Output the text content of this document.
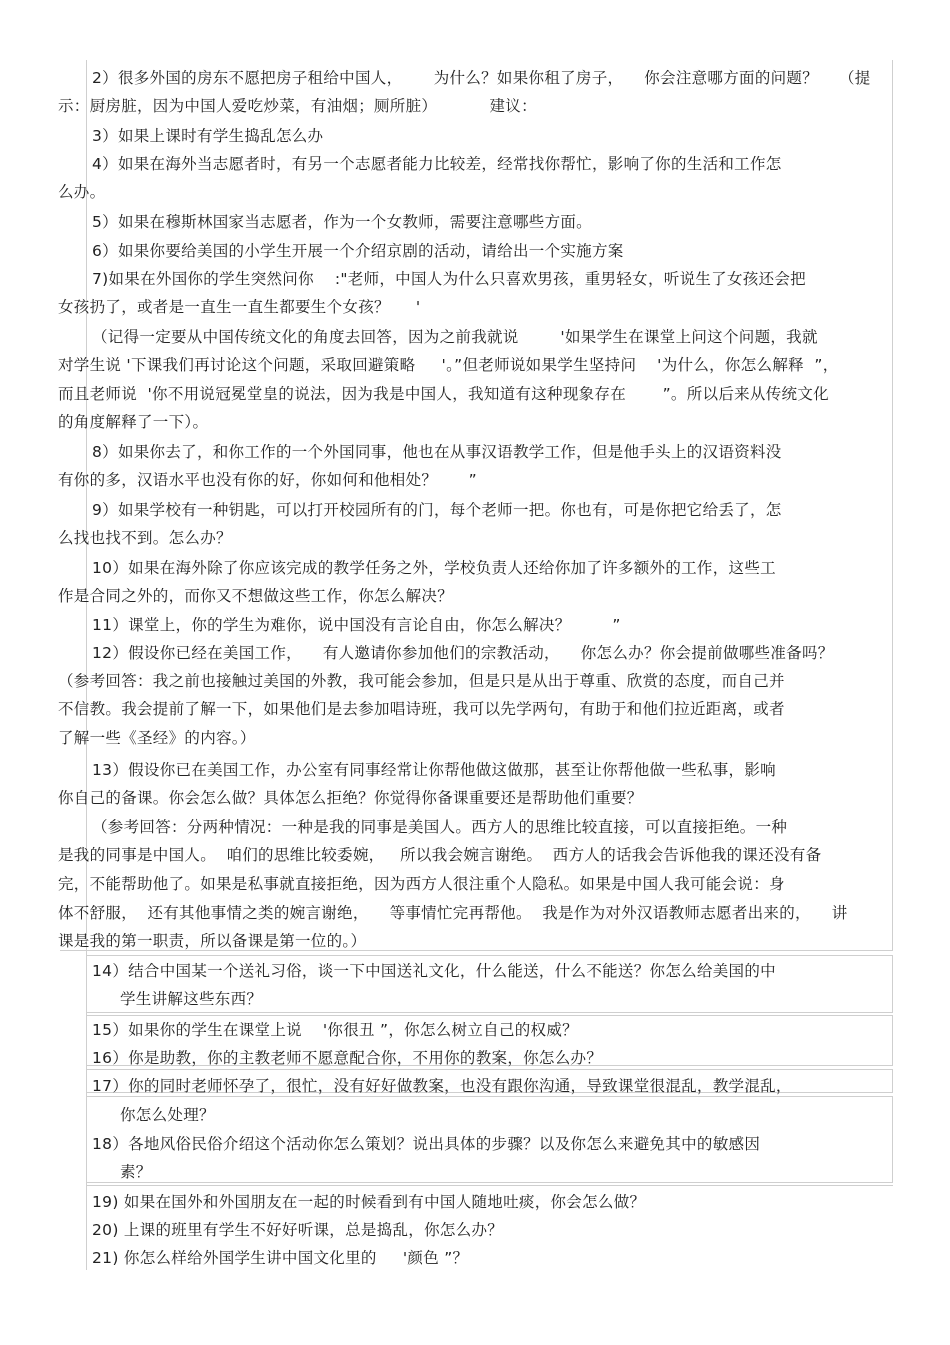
2）很多外国的房东不愿把房子租给中国人，      为什么？如果你租了房子，    你会注意哪方面的问题？    （提
示：厨房脏，因为中国人爱吃炒菜，有油烟；厕所脏）          建议：
3）如果上课时有学生捣乱怎么办
4）如果在海外当志愿者时，有另一个志愿者能力比较差，经常找你帮忙，影响了你的生活和工作怎
么办。
5）如果在穆斯林国家当志愿者，作为一个女教师，需要注意哪些方面。
6）如果你要给美国的小学生开展一个介绍京剧的活动，请给出一个实施方案
7)如果在外国你的学生突然问你    :"老师，中国人为什么只喜欢男孩，重男轻女，听说生了女孩还会把
女孩扔了，或者是一直生一直生都要生个女孩？     '
（记得一定要从中国传统文化的角度去回答，因为之前我就说        '如果学生在课堂上问这个问题，我就
对学生说 '下课我们再讨论这个问题，采取回避策略     '。”但老师说如果学生坚持问    '为什么，你怎么解释  ”，
而且老师说  '你不用说冠冕堂皇的说法，因为我是中国人，我知道有这种现象存在       ”。所以后来从传统文化
的角度解释了一下）。
8）如果你去了，和你工作的一个外国同事，他也在从事汉语教学工作，但是他手头上的汉语资料没
有你的多，汉语水平也没有你的好，你如何和他相处？      ”
9）如果学校有一种钥匙，可以打开校园所有的门，每个老师一把。你也有，可是你把它给丢了，怎
么找也找不到。怎么办？
10）如果在海外除了你应该完成的教学任务之外，学校负责人还给你加了许多额外的工作，这些工
作是合同之外的，而你又不想做这些工作，你怎么解决？
11）课堂上，你的学生为难你，说中国没有言论自由，你怎么解决？        ”
12）假设你已经在美国工作，    有人邀请你参加他们的宗教活动，    你怎么办？你会提前做哪些准备吗？
（参考回答：我之前也接触过美国的外教，我可能会参加，但是只是从出于尊重、欣赏的态度，而自己并
不信教。我会提前了解一下，如果他们是去参加唱诗班，我可以先学两句，有助于和他们拉近距离，或者
了解一些《圣经》的内容。）
13）假设你已在美国工作，办公室有同事经常让你帮他做这做那，甚至让你帮他做一些私事，影响
你自己的备课。你会怎么做？具体怎么拒绝？你觉得你备课重要还是帮助他们重要？
（参考回答：分两种情况：一种是我的同事是美国人。西方人的思维比较直接，可以直接拒绝。一种
是我的同事是中国人。  咱们的思维比较委婉，   所以我会婉言谢绝。  西方人的话我会告诉他我的课还没有备
完，不能帮助他了。如果是私事就直接拒绝，因为西方人很注重个人隐私。如果是中国人我可能会说：身
体不舒服，  还有其他事情之类的婉言谢绝，    等事情忙完再帮他。  我是作为对外汉语教师志愿者出来的，    讲
课是我的第一职责，所以备课是第一位的。）
14）结合中国某一个送礼习俗，谈一下中国送礼文化，什么能送，什么不能送？你怎么给美国的中
学生讲解这些东西？
15）如果你的学生在课堂上说    '你很丑 ”，你怎么树立自己的权威？
16）你是助教，你的主教老师不愿意配合你，不用你的教案，你怎么办？
17）你的同时老师怀孕了，很忙，没有好好做教案，也没有跟你沟通，导致课堂很混乱，教学混乱，
你怎么处理？
18）各地风俗民俗介绍这个活动你怎么策划？说出具体的步骤？以及你怎么来避免其中的敏感因
素？
19) 如果在国外和外国朋友在一起的时候看到有中国人随地吐痰，你会怎么做？
20) 上课的班里有学生不好好听课，总是捣乱，你怎么办？
21) 你怎么样给外国学生讲中国文化里的     '颜色 ”？
